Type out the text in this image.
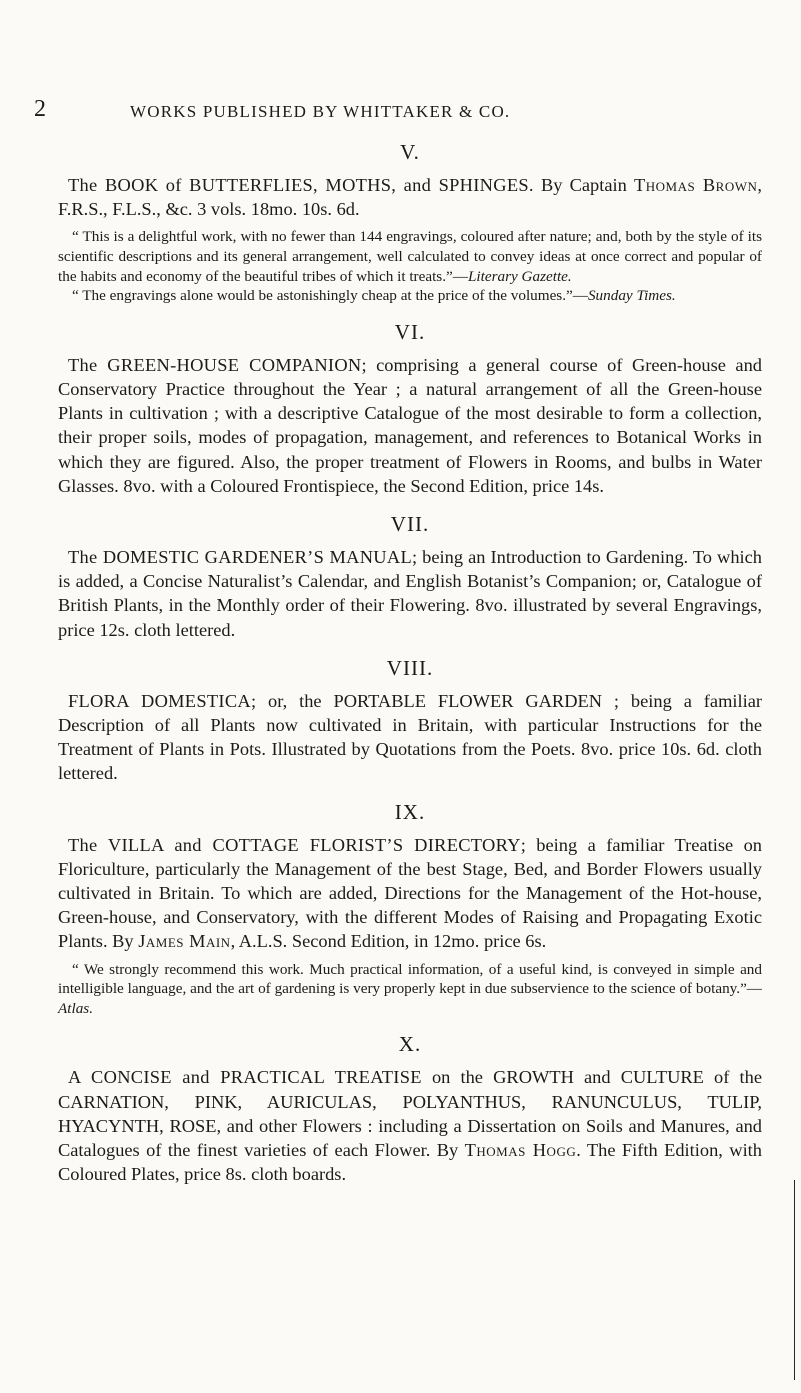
2	WORKS PUBLISHED BY WHITTAKER & CO.

V.

The BOOK of BUTTERFLIES, MOTHS, and SPHINGES. By Captain Thomas Brown, F.R.S., F.L.S., &c. 3 vols. 18mo. 10s. 6d.

“ This is a delightful work, with no fewer than 144 engravings, coloured after nature; and, both by the style of its scientific descriptions and its general arrangement, well calculated to convey ideas at once correct and popular of the habits and economy of the beautiful tribes of which it treats.”—Literary Gazette.

“ The engravings alone would be astonishingly cheap at the price of the volumes.”—Sunday Times.

VI.

The GREEN-HOUSE COMPANION; comprising a general course of Green-house and Conservatory Practice throughout the Year ; a natural arrangement of all the Green-house Plants in cultivation ; with a descriptive Catalogue of the most desirable to form a collection, their proper soils, modes of propagation, management, and references to Botanical Works in which they are figured. Also, the proper treatment of Flowers in Rooms, and bulbs in Water Glasses. 8vo. with a Coloured Frontispiece, the Second Edition, price 14s.

VII.

The DOMESTIC GARDENER’S MANUAL; being an Introduction to Gardening. To which is added, a Concise Naturalist’s Calendar, and English Botanist’s Companion; or, Catalogue of British Plants, in the Monthly order of their Flowering. 8vo. illustrated by several Engravings, price 12s. cloth lettered.

VIII.

FLORA DOMESTICA; or, the PORTABLE FLOWER GARDEN ; being a familiar Description of all Plants now cultivated in Britain, with particular Instructions for the Treatment of Plants in Pots. Illustrated by Quotations from the Poets. 8vo. price 10s. 6d. cloth lettered.

IX.

The VILLA and COTTAGE FLORIST’S DIRECTORY; being a familiar Treatise on Floriculture, particularly the Management of the best Stage, Bed, and Border Flowers usually cultivated in Britain. To which are added, Directions for the Management of the Hot-house, Green-house, and Conservatory, with the different Modes of Raising and Propagating Exotic Plants. By James Main, A.L.S. Second Edition, in 12mo. price 6s.

“ We strongly recommend this work. Much practical information, of a useful kind, is conveyed in simple and intelligible language, and the art of gardening is very properly kept in due subservience to the science of botany.”—Atlas.

X.

A CONCISE and PRACTICAL TREATISE on the GROWTH and CULTURE of the CARNATION, PINK, AURICULAS, POLYANTHUS, RANUNCULUS, TULIP, HYACYNTH, ROSE, and other Flowers : including a Dissertation on Soils and Manures, and Catalogues of the finest varieties of each Flower. By Thomas Hogg. The Fifth Edition, with Coloured Plates, price 8s. cloth boards.
